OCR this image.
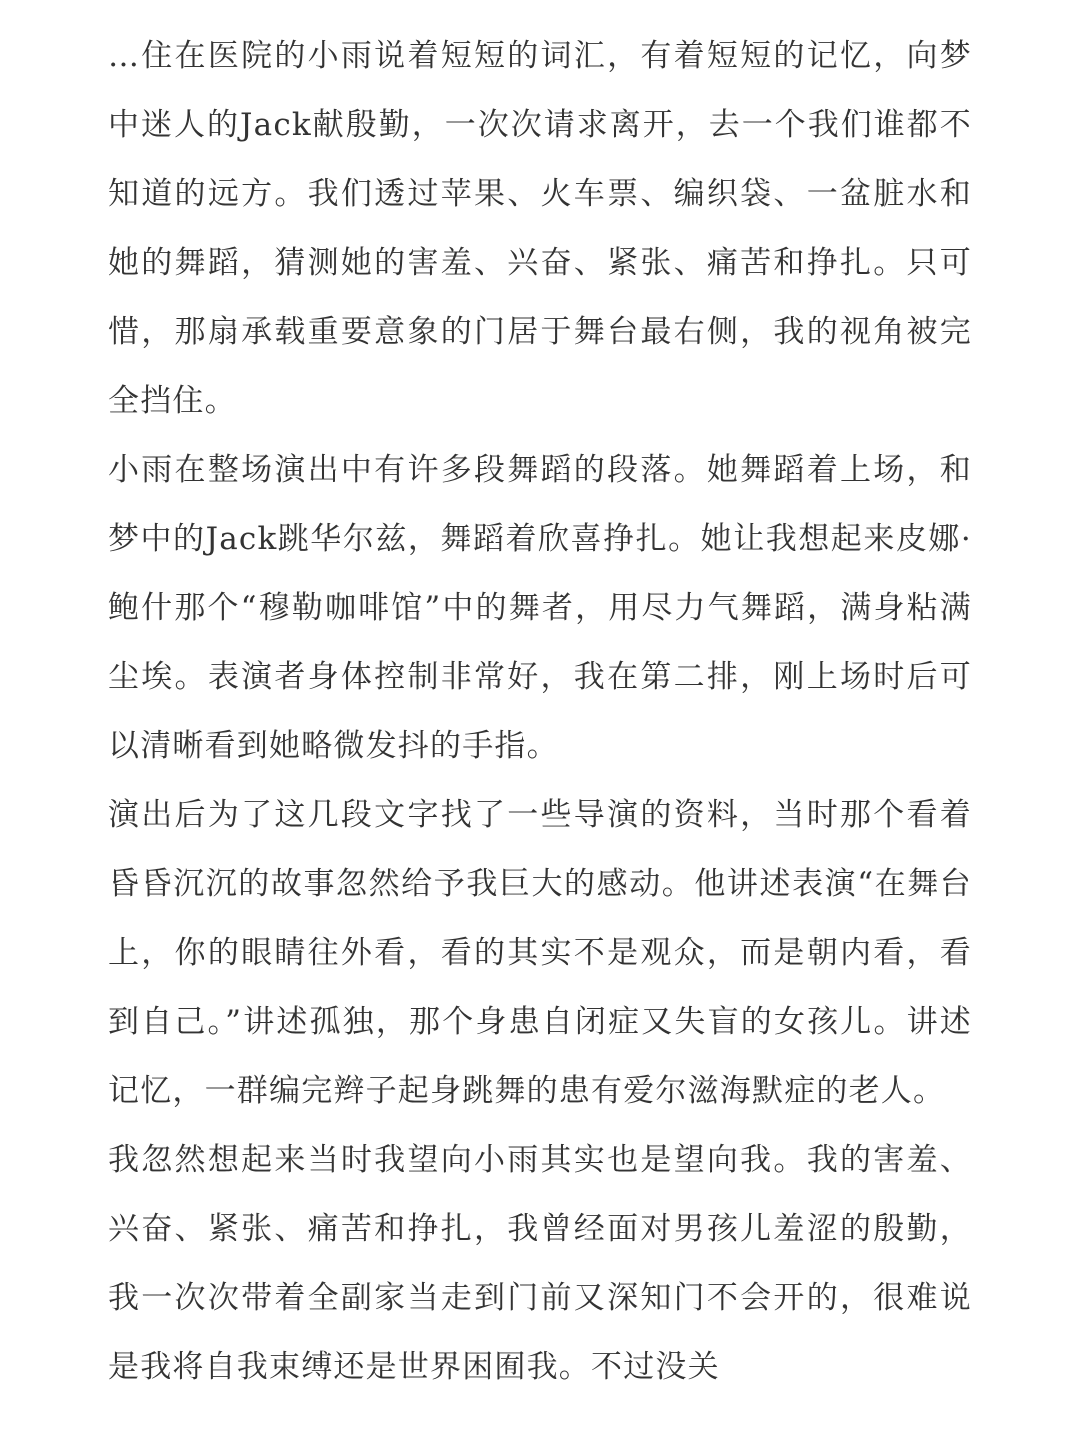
…住在医院的小雨说着短短的词汇，有着短短的记忆，向梦中迷人的Jack献殷勤，一次次请求离开，去一个我们谁都不知道的远方。我们透过苹果、火车票、编织袋、一盆脏水和她的舞蹈，猜测她的害羞、兴奋、紧张、痛苦和挣扎。只可惜，那扇承载重要意象的门居于舞台最右侧，我的视角被完全挡住。

小雨在整场演出中有许多段舞蹈的段落。她舞蹈着上场，和梦中的Jack跳华尔兹，舞蹈着欣喜挣扎。她让我想起来皮娜·鲍什那个“穆勒咖啡馆”中的舞者，用尽力气舞蹈，满身粘满尘埃。表演者身体控制非常好，我在第二排，刚上场时后可以清晰看到她略微发抖的手指。

演出后为了这几段文字找了一些导演的资料，当时那个看着昏昏沉沉的故事忽然给予我巨大的感动。他讲述表演“在舞台上，你的眼睛往外看，看的其实不是观众，而是朝内看，看到自己。”讲述孤独，那个身患自闭症又失盲的女孩儿。讲述记忆，一群编完辫子起身跳舞的患有爱尔滋海默症的老人。

我忽然想起来当时我望向小雨其实也是望向我。我的害羞、兴奋、紧张、痛苦和挣扎，我曾经面对男孩儿羞涩的殷勤，我一次次带着全副家当走到门前又深知门不会开的，很难说是我将自我束缚还是世界困囿我。不过没关
